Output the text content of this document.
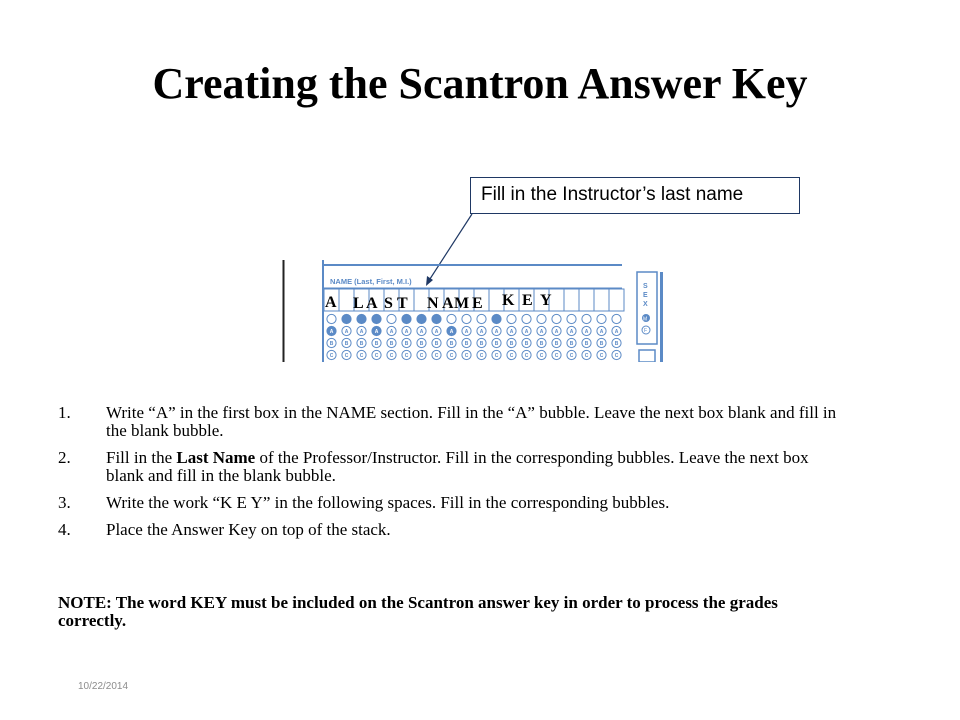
Creating the Scantron Answer Key
Fill in the Instructor’s last name
NAME (Last, First, M.I.)
A L A S T N A M E K E Y
A A A A A A A A A A A A A A A A A A A A
B B B B B B B B B B B B B B B B B B B B
C C C C C C C C C C C C C C C C C C C C
S
E
X
M
F
1. Write “A” in the first box in the NAME section. Fill in the “A” bubble. Leave the next box blank and fill in the blank bubble.
2. Fill in the Last Name of the Professor/Instructor. Fill in the corresponding bubbles. Leave the next box blank and fill in the blank bubble.
3. Write the work “K E Y” in the following spaces. Fill in the corresponding bubbles.
4. Place the Answer Key on top of the stack.

NOTE: The word KEY must be included on the Scantron answer key in order to process the grades correctly.

10/22/2014
